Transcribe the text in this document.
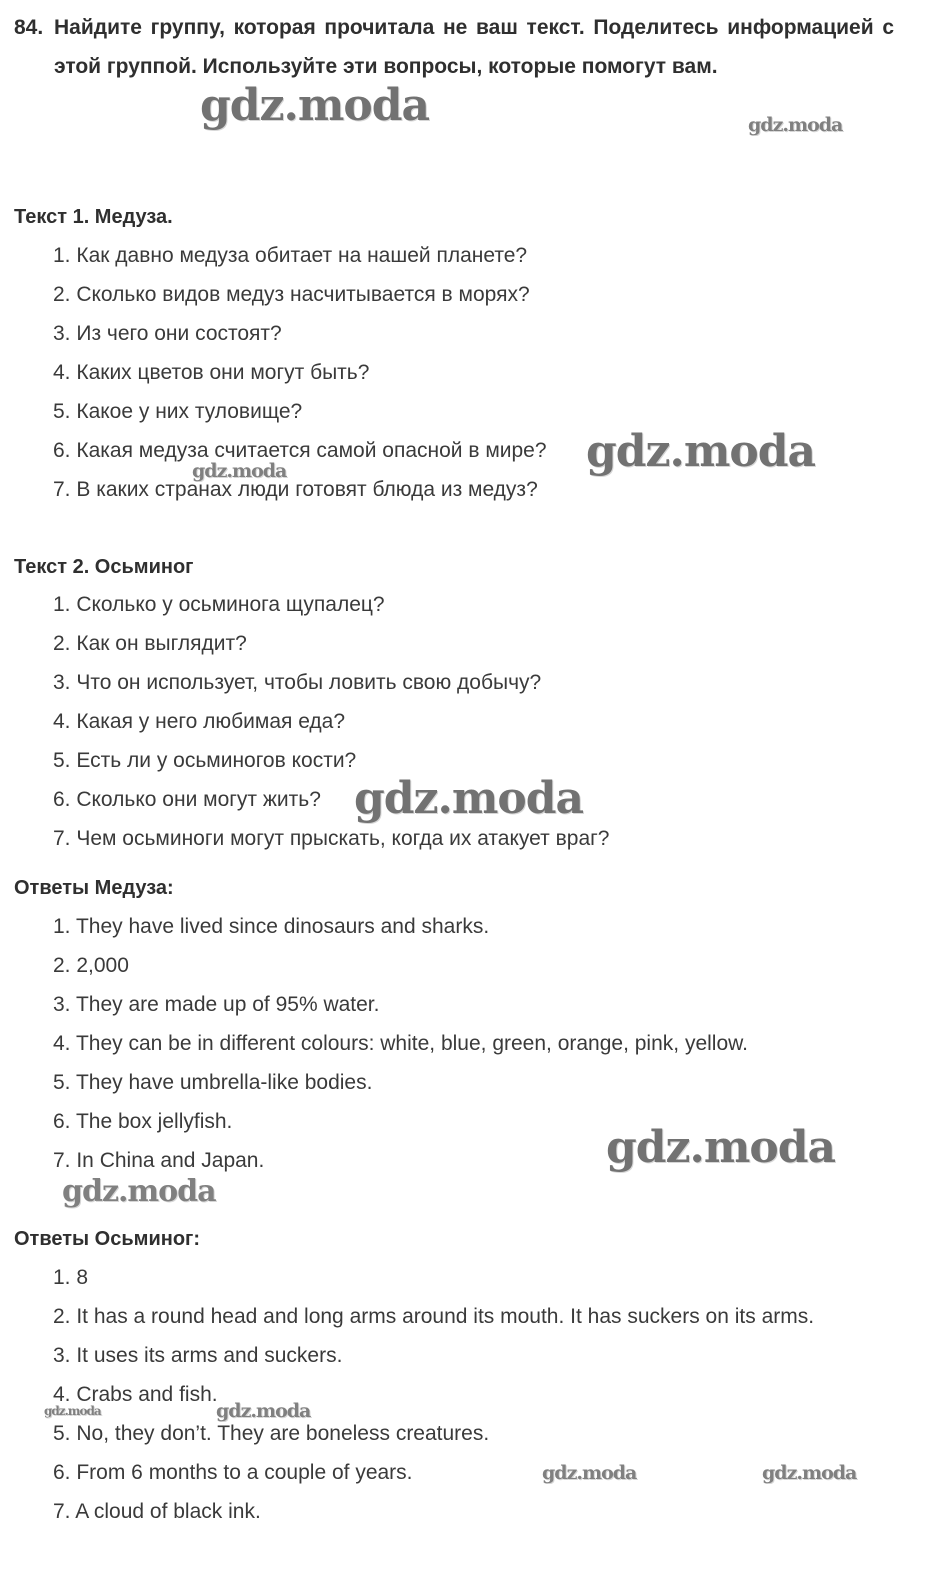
84. Найдите группу, которая прочитала не ваш текст. Поделитесь информацией с этой группой. Используйте эти вопросы, которые помогут вам.
Текст 1. Медуза.
1. Как давно медуза обитает на нашей планете?
2. Сколько видов медуз насчитывается в морях?
3. Из чего они состоят?
4. Каких цветов они могут быть?
5. Какое у них туловище?
6. Какая медуза считается самой опасной в мире?
7. В каких странах люди готовят блюда из медуз?
Текст 2. Осьминог
1. Сколько у осьминога щупалец?
2. Как он выглядит?
3. Что он использует, чтобы ловить свою добычу?
4. Какая у него любимая еда?
5. Есть ли у осьминогов кости?
6. Сколько они могут жить?
7. Чем осьминоги могут прыскать, когда их атакует враг?
Ответы Медуза:
1. They have lived since dinosaurs and sharks.
2. 2,000
3. They are made up of 95% water.
4. They can be in different colours: white, blue, green, orange, pink, yellow.
5. They have umbrella-like bodies.
6. The box jellyfish.
7. In China and Japan.
Ответы Осьминог:
1. 8
2. It has a round head and long arms around its mouth. It has suckers on its arms.
3. It uses its arms and suckers.
4. Crabs and fish.
5. No, they don’t. They are boneless creatures.
6. From 6 months to a couple of years.
7. A cloud of black ink.
gdz.moda	gdz.moda
gdz.moda
gdz.moda
gdz.moda
gdz.moda
gdz.moda
gdz.moda	gdz.moda
gdz.moda	gdz.moda
